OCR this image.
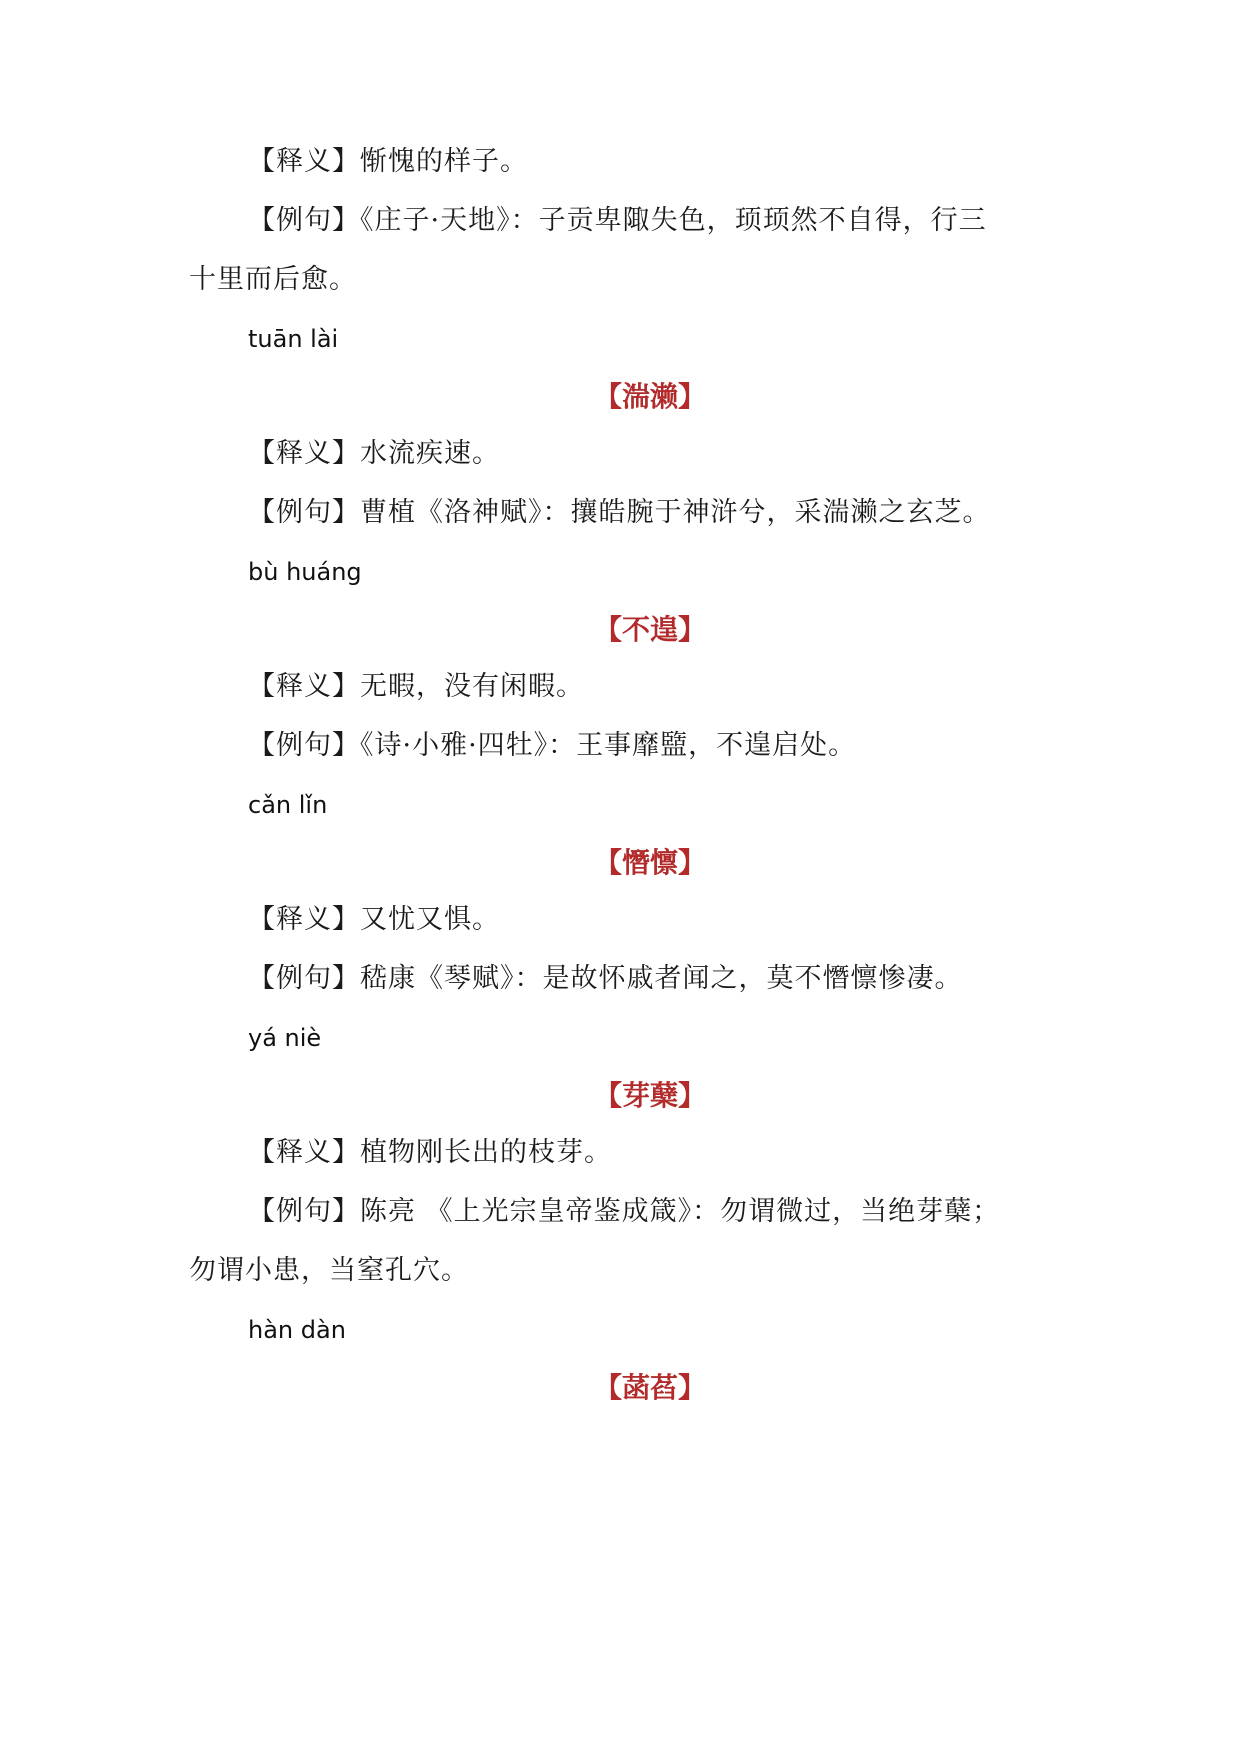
【释义】惭愧的样子。
【例句】《庄子·天地》：子贡卑陬失色，顼顼然不自得，行三
十里而后愈。
tuān lài
【湍濑】
【释义】水流疾速。
【例句】曹植《洛神赋》：攘皓腕于神浒兮，采湍濑之玄芝。
bù huáng
【不遑】
【释义】无暇，没有闲暇。
【例句】《诗·小雅·四牡》：王事靡盬，不遑启处。
cǎn lǐn
【憯懔】
【释义】又忧又惧。
【例句】嵇康《琴赋》：是故怀戚者闻之，莫不憯懔惨凄。
yá niè
【芽蘖】
【释义】植物刚长出的枝芽。
【例句】陈亮 《上光宗皇帝鉴成箴》：勿谓微过，当绝芽蘖；
勿谓小患，当窒孔穴。
hàn dàn
【菡萏】
